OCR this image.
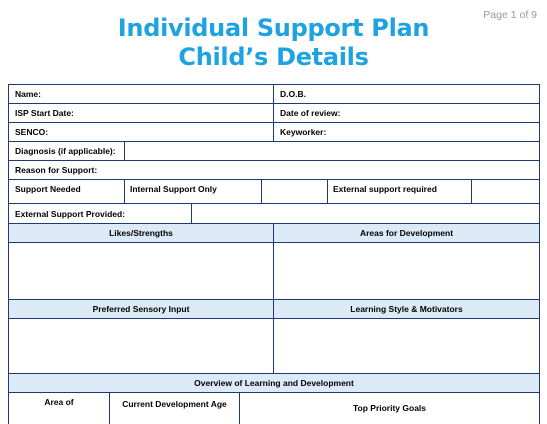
Page 1 of 9
Individual Support Plan
Child’s Details
Name:	D.O.B.
ISP Start Date:	Date of review:
SENCO:	Keyworker:
Diagnosis (if applicable):
Reason for Support:
Support Needed	Internal Support Only	External support required
External Support Provided:
Likes/Strengths	Areas for Development
Preferred Sensory Input	Learning Style & Motivators
Overview of Learning and Development
Area of	Current Development Age	Top Priority Goals
